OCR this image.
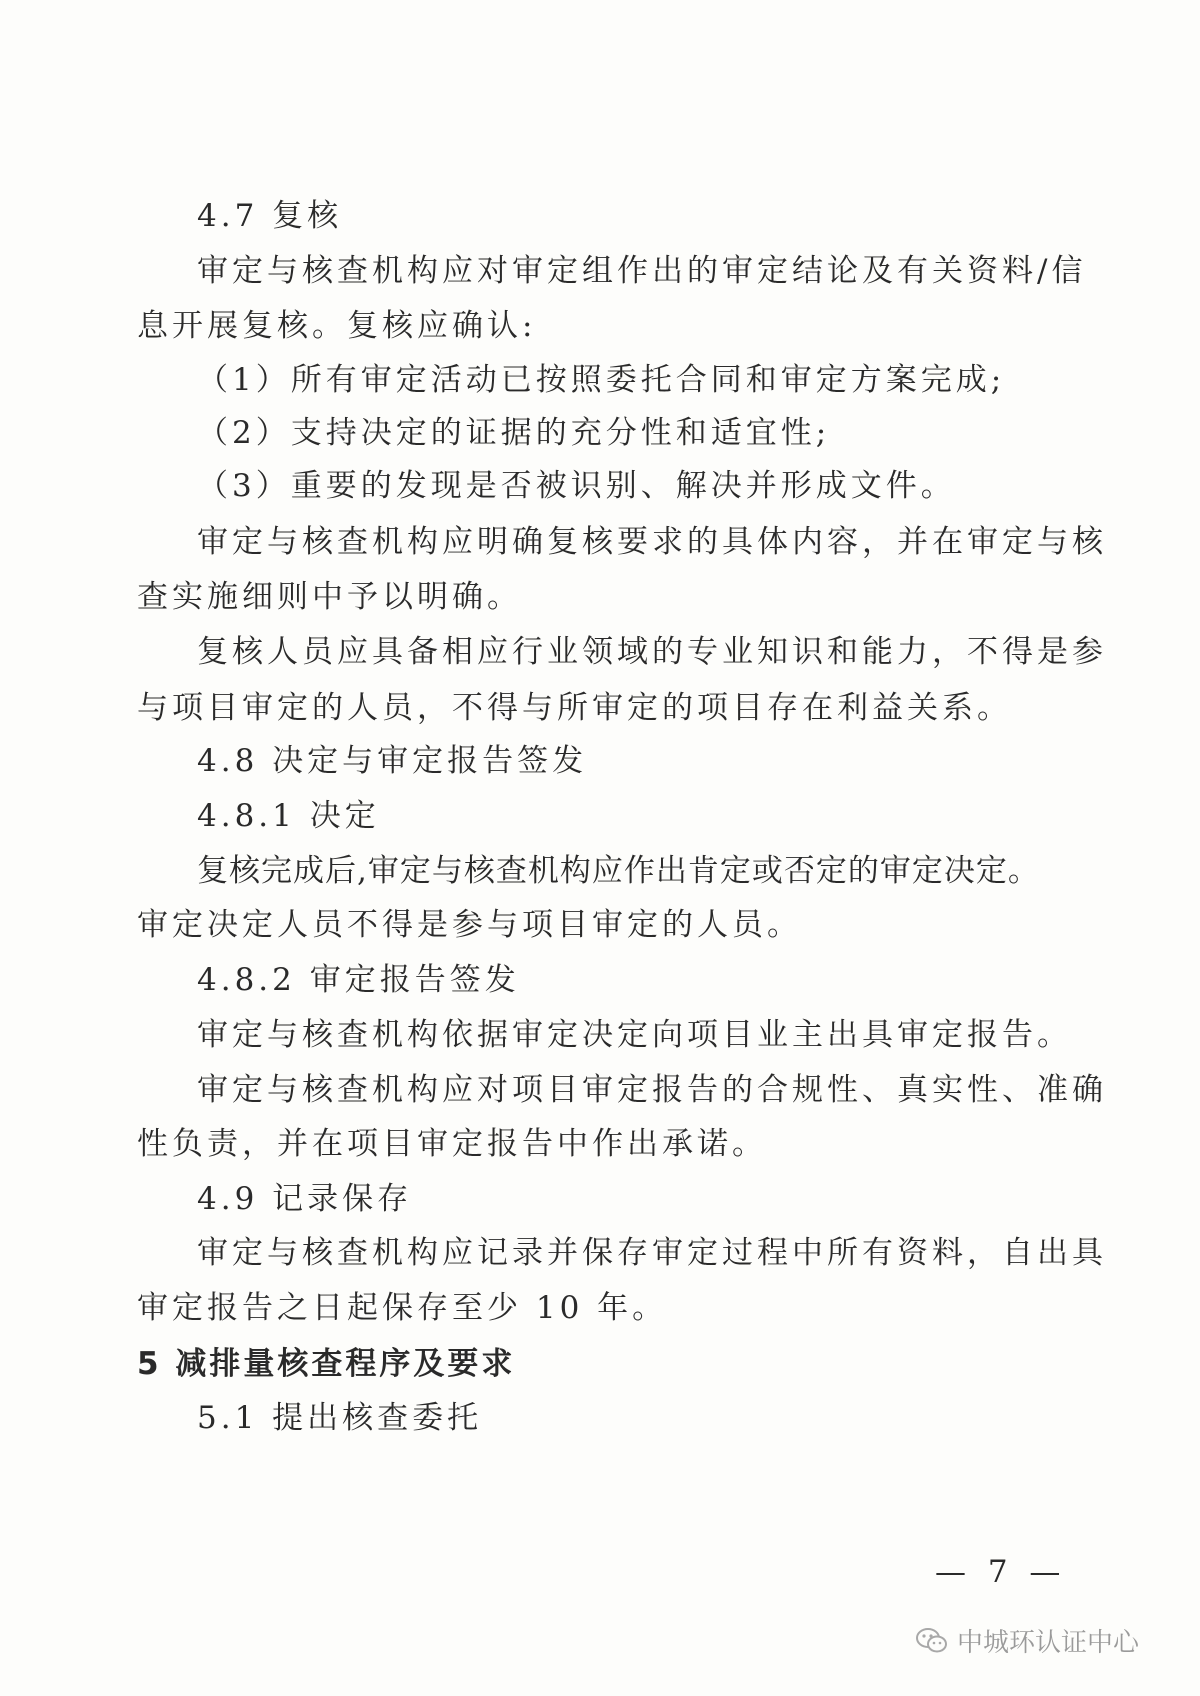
4.7 复核
审定与核查机构应对审定组作出的审定结论及有关资料/信
息开展复核。复核应确认:
（1）所有审定活动已按照委托合同和审定方案完成;
（2）支持决定的证据的充分性和适宜性;
（3）重要的发现是否被识别、解决并形成文件。
审定与核查机构应明确复核要求的具体内容，并在审定与核
查实施细则中予以明确。
复核人员应具备相应行业领域的专业知识和能力，不得是参
与项目审定的人员，不得与所审定的项目存在利益关系。
4.8 决定与审定报告签发
4.8.1 决定
复核完成后,审定与核查机构应作出肯定或否定的审定决定。
审定决定人员不得是参与项目审定的人员。
4.8.2 审定报告签发
审定与核查机构依据审定决定向项目业主出具审定报告。
审定与核查机构应对项目审定报告的合规性、真实性、准确
性负责，并在项目审定报告中作出承诺。
4.9 记录保存
审定与核查机构应记录并保存审定过程中所有资料，自出具
审定报告之日起保存至少 10 年。
5 减排量核查程序及要求
5.1 提出核查委托
— 7 —
中城环认证中心
